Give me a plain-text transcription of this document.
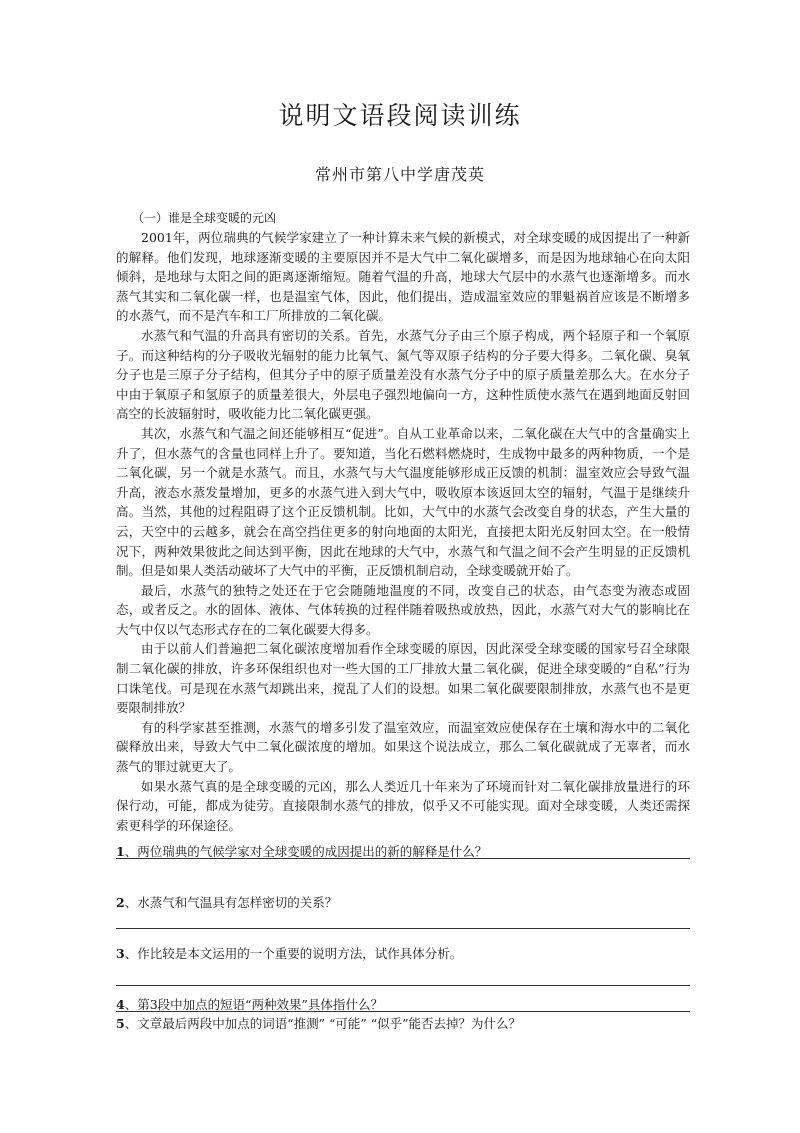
说明文语段阅读训练
常州市第八中学唐茂英
（一）谁是全球变暖的元凶

2001年，两位瑞典的气候学家建立了一种计算未来气候的新模式，对全球变暖的成因提出了一种新的解释。他们发现，地球逐渐变暖的主要原因并不是大气中二氧化碳增多，而是因为地球轴心在向太阳倾斜，是地球与太阳之间的距离逐渐缩短。随着气温的升高，地球大气层中的水蒸气也逐渐增多。而水蒸气其实和二氧化碳一样，也是温室气体，因此，他们提出，造成温室效应的罪魁祸首应该是不断增多的水蒸气，而不是汽车和工厂所排放的二氧化碳。

水蒸气和气温的升高具有密切的关系。首先，水蒸气分子由三个原子构成，两个轻原子和一个氧原子。而这种结构的分子吸收光辐射的能力比氧气、氮气等双原子结构的分子要大得多。二氧化碳、臭氧分子也是三原子分子结构，但其分子中的原子质量差没有水蒸气分子中的原子质量差那么大。在水分子中由于氧原子和氢原子的质量差很大，外层电子强烈地偏向一方，这种性质使水蒸气在遇到地面反射回高空的长波辐射时，吸收能力比二氧化碳更强。

其次，水蒸气和气温之间还能够相互“促进”。自从工业革命以来，二氧化碳在大气中的含量确实上升了，但水蒸气的含量也同样上升了。要知道，当化石燃料燃烧时，生成物中最多的两种物质，一个是二氧化碳，另一个就是水蒸气。而且，水蒸气与大气温度能够形成正反馈的机制：温室效应会导致气温升高，液态水蒸发量增加，更多的水蒸气进入到大气中，吸收原本该返回太空的辐射，气温于是继续升高。当然，其他的过程阻碍了这个正反馈机制。比如，大气中的水蒸气会改变自身的状态，产生大量的云，天空中的云越多，就会在高空挡住更多的射向地面的太阳光，直接把太阳光反射回太空。在一般情况下，两种效果彼此之间达到平衡，因此在地球的大气中，水蒸气和气温之间不会产生明显的正反馈机制。但是如果人类活动破坏了大气中的平衡，正反馈机制启动，全球变暖就开始了。

最后，水蒸气的独特之处还在于它会随随地温度的不同，改变自己的状态，由气态变为液态或固态，或者反之。水的固体、液体、气体转换的过程伴随着吸热或放热，因此，水蒸气对大气的影响比在大气中仅以气态形式存在的二氧化碳要大得多。

由于以前人们普遍把二氧化碳浓度增加看作全球变暖的原因，因此深受全球变暖的国家号召全球限制二氧化碳的排放，许多环保组织也对一些大国的工厂排放大量二氧化碳，促进全球变暖的“自私”行为口诛笔伐。可是现在水蒸气却跳出来，搅乱了人们的设想。如果二氧化碳要限制排放，水蒸气也不是更要限制排放？

有的科学家甚至推测，水蒸气的增多引发了温室效应，而温室效应使保存在土壤和海水中的二氧化碳释放出来，导致大气中二氧化碳浓度的增加。如果这个说法成立，那么二氧化碳就成了无辜者，而水蒸气的罪过就更大了。

如果水蒸气真的是全球变暖的元凶，那么人类近几十年来为了环境而针对二氧化碳排放量进行的环保行动，可能，都成为徒劳。直接限制水蒸气的排放，似乎又不可能实现。面对全球变暖，人类还需探索更科学的环保途径。

1、两位瑞典的气候学家对全球变暖的成因提出的新的解释是什么？
2、水蒸气和气温具有怎样密切的关系？
3、作比较是本文运用的一个重要的说明方法，试作具体分析。
4、第3段中加点的短语“两种效果”具体指什么？
5、文章最后两段中加点的词语“推测” “可能” “似乎”能否去掉？为什么？
